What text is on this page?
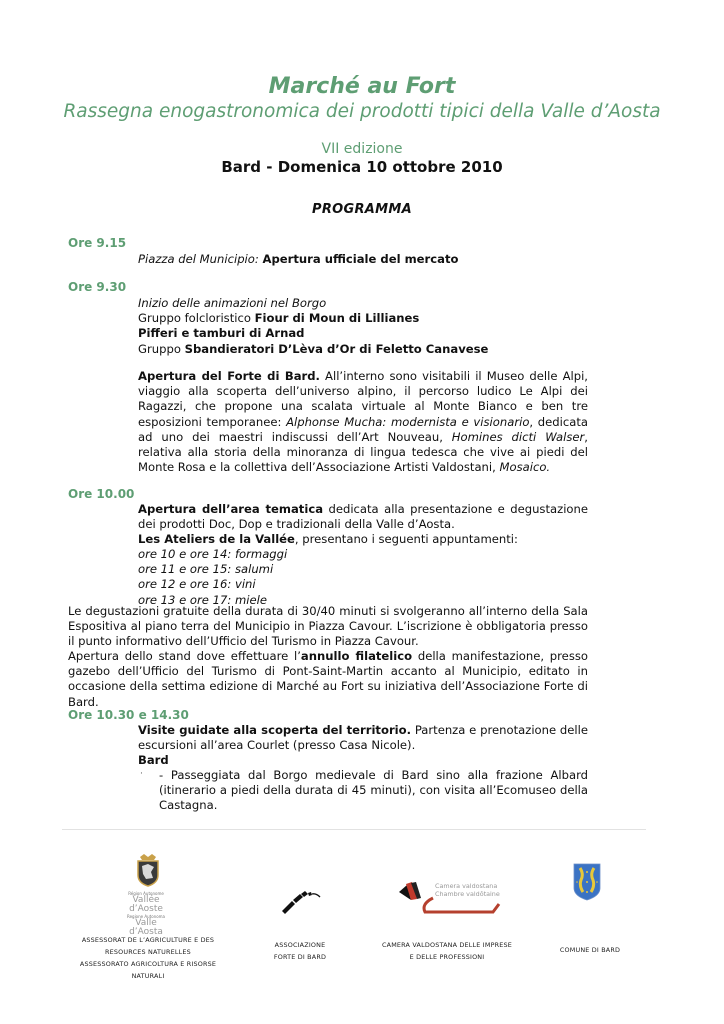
Marché au Fort
Rassegna enogastronomica dei prodotti tipici della Valle d’Aosta
VII edizione
Bard - Domenica 10 ottobre 2010
PROGRAMMA
Ore 9.15
Piazza del Municipio: Apertura ufficiale del mercato
Ore 9.30
Inizio delle animazioni nel Borgo
Gruppo folcloristico Fiour di Moun di Lillianes
Pifferi e tamburi di Arnad
Gruppo Sbandieratori D’Lèva d’Or di Feletto Canavese
Apertura del Forte di Bard. All’interno sono visitabili il Museo delle Alpi, viaggio alla scoperta dell’universo alpino, il percorso ludico Le Alpi dei Ragazzi, che propone una scalata virtuale al Monte Bianco e ben tre esposizioni temporanee: Alphonse Mucha: modernista e visionario, dedicata ad uno dei maestri indiscussi dell’Art Nouveau, Homines dicti Walser, relativa alla storia della minoranza di lingua tedesca che vive ai piedi del Monte Rosa e la collettiva dell’Associazione Artisti Valdostani, Mosaico.
Ore 10.00
Apertura dell’area tematica dedicata alla presentazione e degustazione dei prodotti Doc, Dop e tradizionali della Valle d’Aosta.
Les Ateliers de la Vallée, presentano i seguenti appuntamenti:
ore 10 e ore 14: formaggi
ore 11 e ore 15: salumi
ore 12 e ore 16: vini
ore 13 e ore 17: miele
Le degustazioni gratuite della durata di 30/40 minuti si svolgeranno all’interno della Sala Espositiva al piano terra del Municipio in Piazza Cavour. L’iscrizione è obbligatoria presso il punto informativo dell’Ufficio del Turismo in Piazza Cavour.
Apertura dello stand dove effettuare l’annullo filatelico della manifestazione, presso gazebo dell’Ufficio del Turismo di Pont-Saint-Martin accanto al Municipio, editato in occasione della settima edizione di Marché au Fort su iniziativa dell’Associazione Forte di Bard.
Ore 10.30 e 14.30
Visite guidate alla scoperta del territorio. Partenza e prenotazione delle escursioni all’area Courlet (presso Casa Nicole).
Bard
· - Passeggiata dal Borgo medievale di Bard sino alla frazione Albard (itinerario a piedi della durata di 45 minuti), con visita all’Ecomuseo della Castagna.
Région Autonome
Vallée d’Aoste
Regione Autonoma
Valle d’Aosta
Camera valdostana
Chambre valdôtaine
ASSESSORAT DE L’AGRICULTURE E DES
RESOURCES NATURELLES
ASSESSORATO AGRICOLTURA E RISORSE
NATURALI
ASSOCIAZIONE
FORTE DI BARD
CAMERA VALDOSTANA DELLE IMPRESE
E DELLE PROFESSIONI
COMUNE DI BARD
